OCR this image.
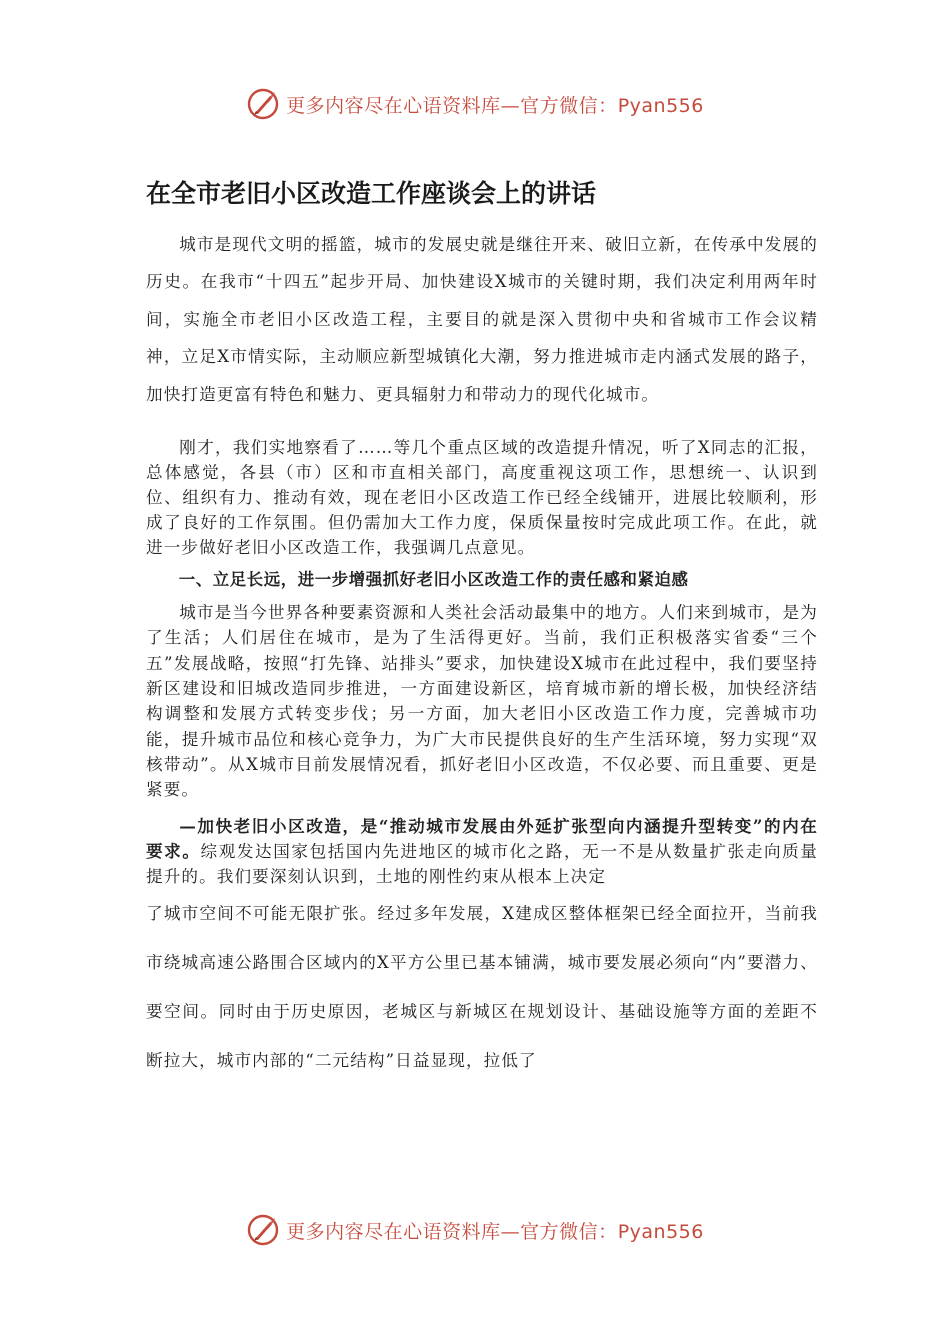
更多内容尽在心语资料库—官方微信：Pyan556
在全市老旧小区改造工作座谈会上的讲话

城市是现代文明的摇篮，城市的发展史就是继往开来、破旧立新，在传承中发展的历史。在我市“十四五”起步开局、加快建设X城市的关键时期，我们决定利用两年时间，实施全市老旧小区改造工程，主要目的就是深入贯彻中央和省城市工作会议精神，立足X市情实际，主动顺应新型城镇化大潮，努力推进城市走内涵式发展的路子，加快打造更富有特色和魅力、更具辐射力和带动力的现代化城市。

刚才，我们实地察看了……等几个重点区域的改造提升情况，听了X同志的汇报，总体感觉，各县（市）区和市直相关部门，高度重视这项工作，思想统一、认识到位、组织有力、推动有效，现在老旧小区改造工作已经全线铺开，进展比较顺利，形成了良好的工作氛围。但仍需加大工作力度，保质保量按时完成此项工作。在此，就进一步做好老旧小区改造工作，我强调几点意见。

一、立足长远，进一步增强抓好老旧小区改造工作的责任感和紧迫感

城市是当今世界各种要素资源和人类社会活动最集中的地方。人们来到城市，是为了生活；人们居住在城市，是为了生活得更好。当前，我们正积极落实省委“三个五”发展战略，按照“打先锋、站排头”要求，加快建设X城市在此过程中，我们要坚持新区建设和旧城改造同步推进，一方面建设新区，培育城市新的增长极，加快经济结构调整和发展方式转变步伐；另一方面，加大老旧小区改造工作力度，完善城市功能，提升城市品位和核心竞争力，为广大市民提供良好的生产生活环境，努力实现“双核带动”。从X城市目前发展情况看，抓好老旧小区改造，不仅必要、而且重要、更是紧要。

—加快老旧小区改造，是“推动城市发展由外延扩张型向内涵提升型转变”的内在要求。综观发达国家包括国内先进地区的城市化之路，无一不是从数量扩张走向质量提升的。我们要深刻认识到，土地的刚性约束从根本上决定

了城市空间不可能无限扩张。经过多年发展，X建成区整体框架已经全面拉开，当前我市绕城高速公路围合区域内的X平方公里已基本铺满，城市要发展必须向“内”要潜力、要空间。同时由于历史原因，老城区与新城区在规划设计、基础设施等方面的差距不断拉大，城市内部的“二元结构”日益显现，拉低了

更多内容尽在心语资料库—官方微信：Pyan556
